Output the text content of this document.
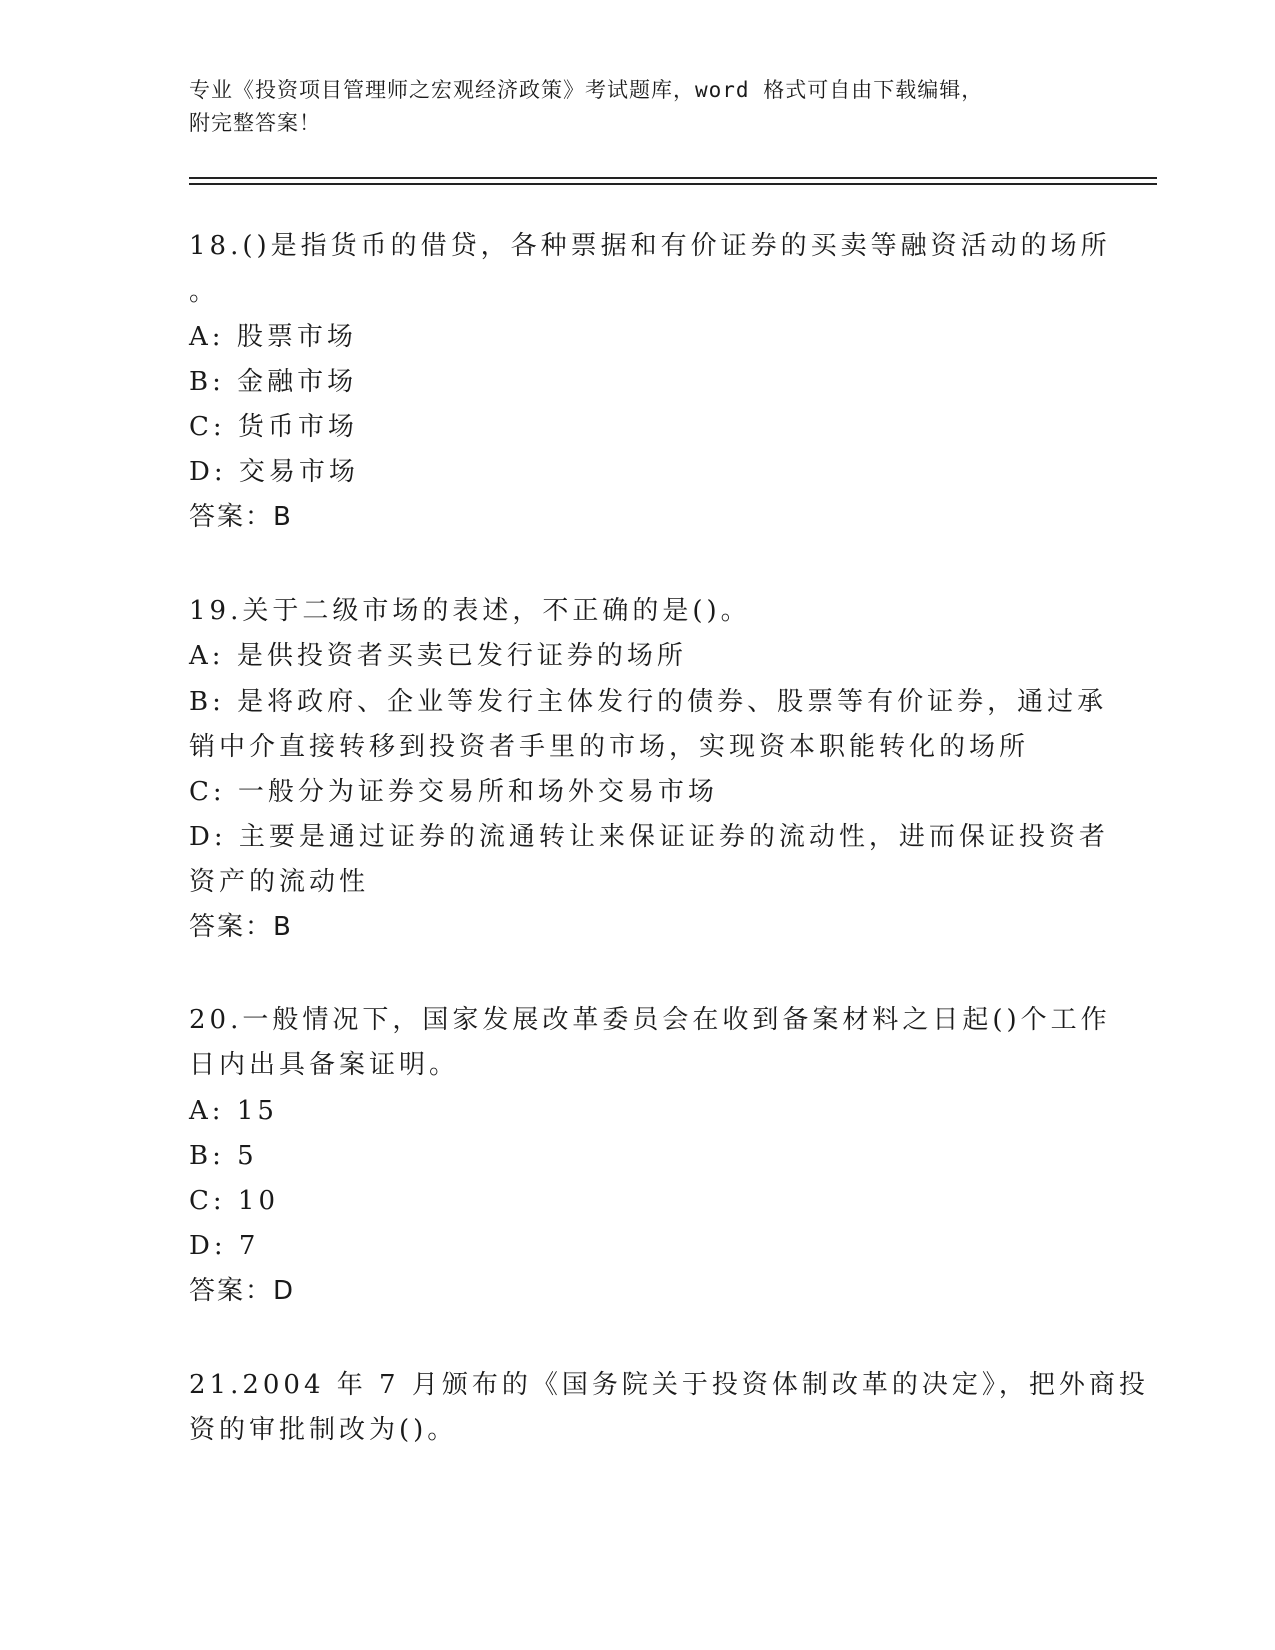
专业《投资项目管理师之宏观经济政策》考试题库，word 格式可自由下载编辑，
附完整答案！
18.()是指货币的借贷，各种票据和有价证券的买卖等融资活动的场所
。
A: 股票市场
B: 金融市场
C: 货币市场
D: 交易市场
答案：B
19.关于二级市场的表述，不正确的是()。
A: 是供投资者买卖已发行证券的场所
B: 是将政府、企业等发行主体发行的债券、股票等有价证券，通过承
销中介直接转移到投资者手里的市场，实现资本职能转化的场所
C: 一般分为证券交易所和场外交易市场
D: 主要是通过证券的流通转让来保证证券的流动性，进而保证投资者
资产的流动性
答案：B
20.一般情况下，国家发展改革委员会在收到备案材料之日起()个工作
日内出具备案证明。
A: 15
B: 5
C: 10
D: 7
答案：D
21.2004 年 7 月颁布的《国务院关于投资体制改革的决定》，把外商投
资的审批制改为()。
